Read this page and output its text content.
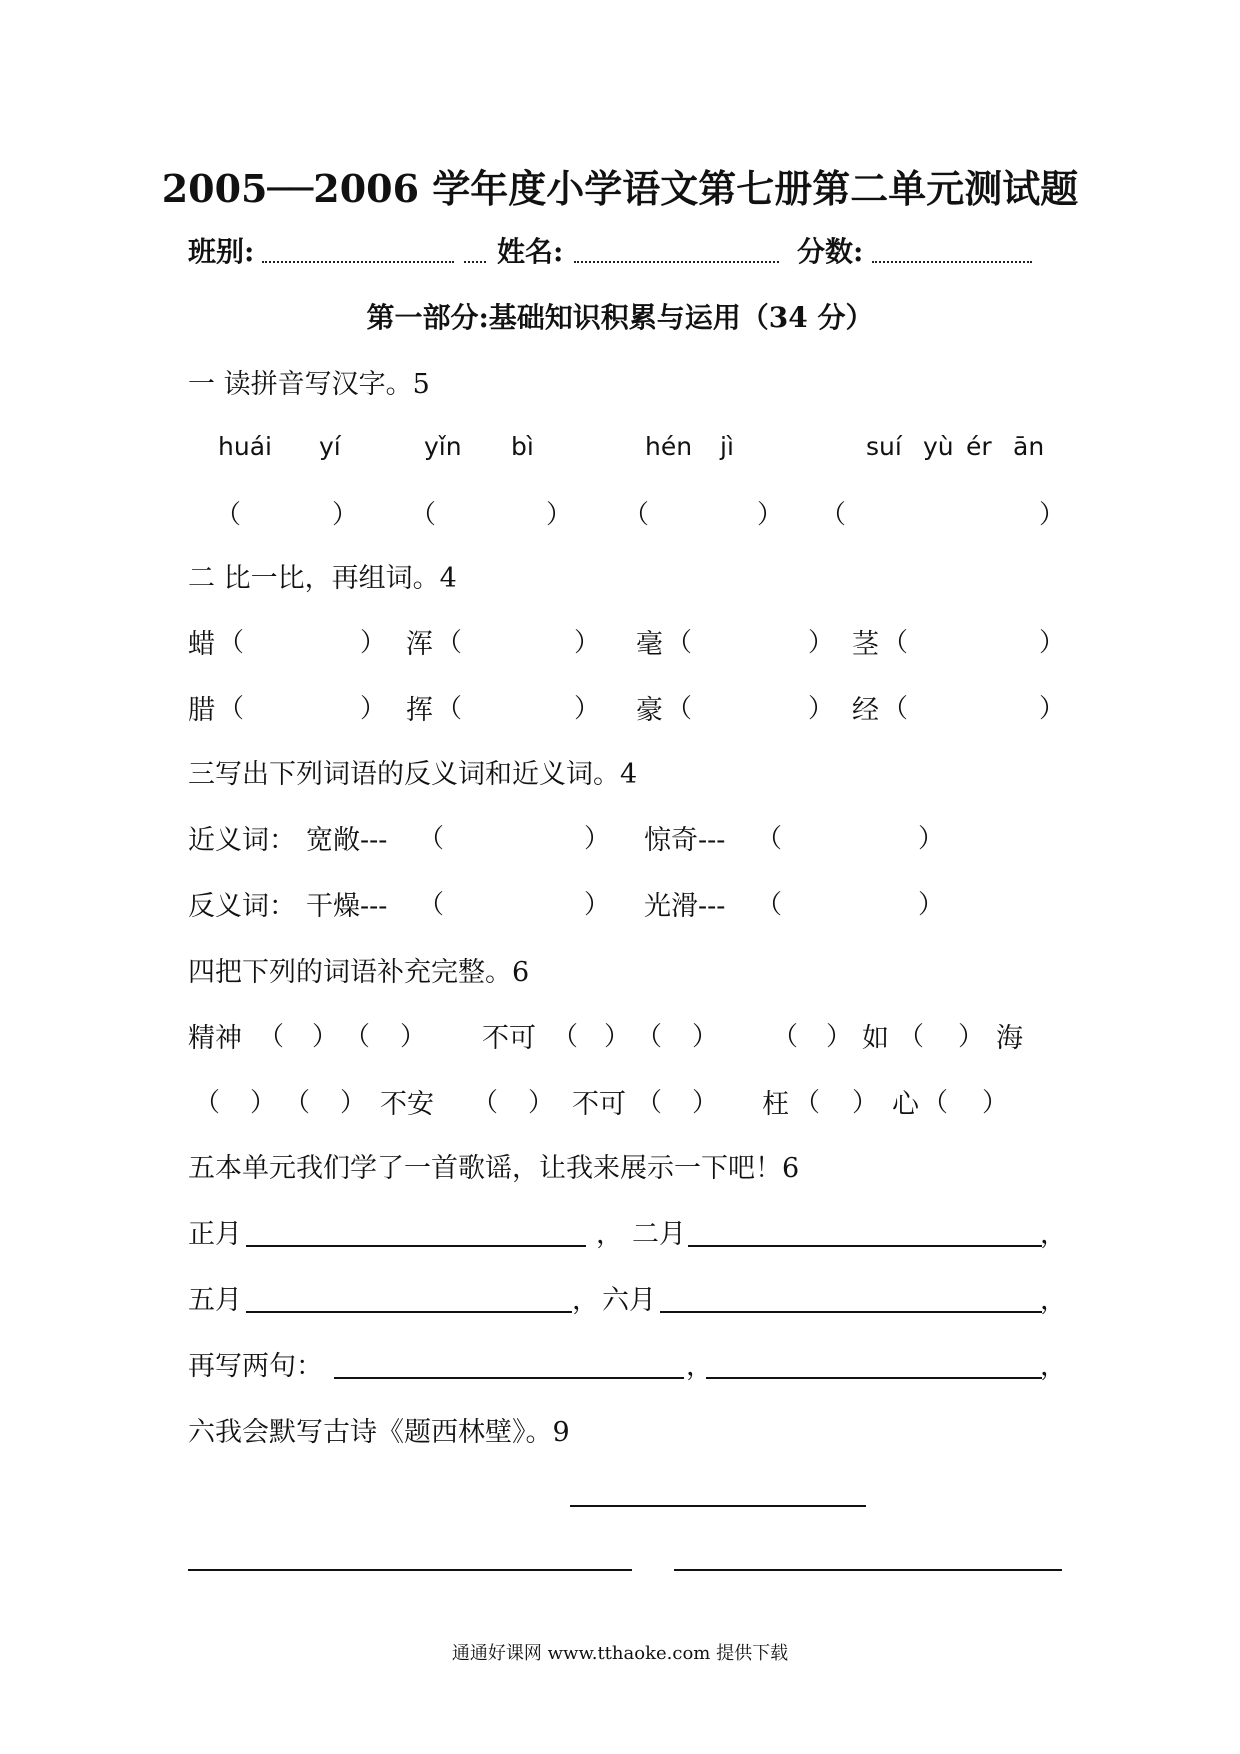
2005──2006 学年度小学语文第七册第二单元测试题
班别:	姓名:	分数:
第一部分:基础知识积累与运用（34 分）
一 读拼音写汉字。5
huái yí	yǐn bì	hén jì	suí yù ér ān
（	） （	） （	） （	）
二 比一比，再组词。4
蜡 （	） 浑 （	） 毫 （	） 茎 （	）
腊 （	） 挥 （	） 豪 （	） 经 （	）
三写出下列词语的反义词和近义词。4
近义词： 宽敞--- （	） 惊奇--- （	）
反义词： 干燥--- （	） 光滑--- （	）
四把下列的词语补充完整。6
精神 （ ） （ ） 不可 （ ） （ ） （ ） 如 （ ） 海
（ ） （ ） 不安 （ ） 不可 （ ） 枉 （ ） 心 （ ）
五本单元我们学了一首歌谣，让我来展示一下吧！6
正月	， 二月	，
五月	， 六月	，
再写两句：	，	，
六我会默写古诗《题西林壁》。9
通通好课网 www.tthaoke.com 提供下载
